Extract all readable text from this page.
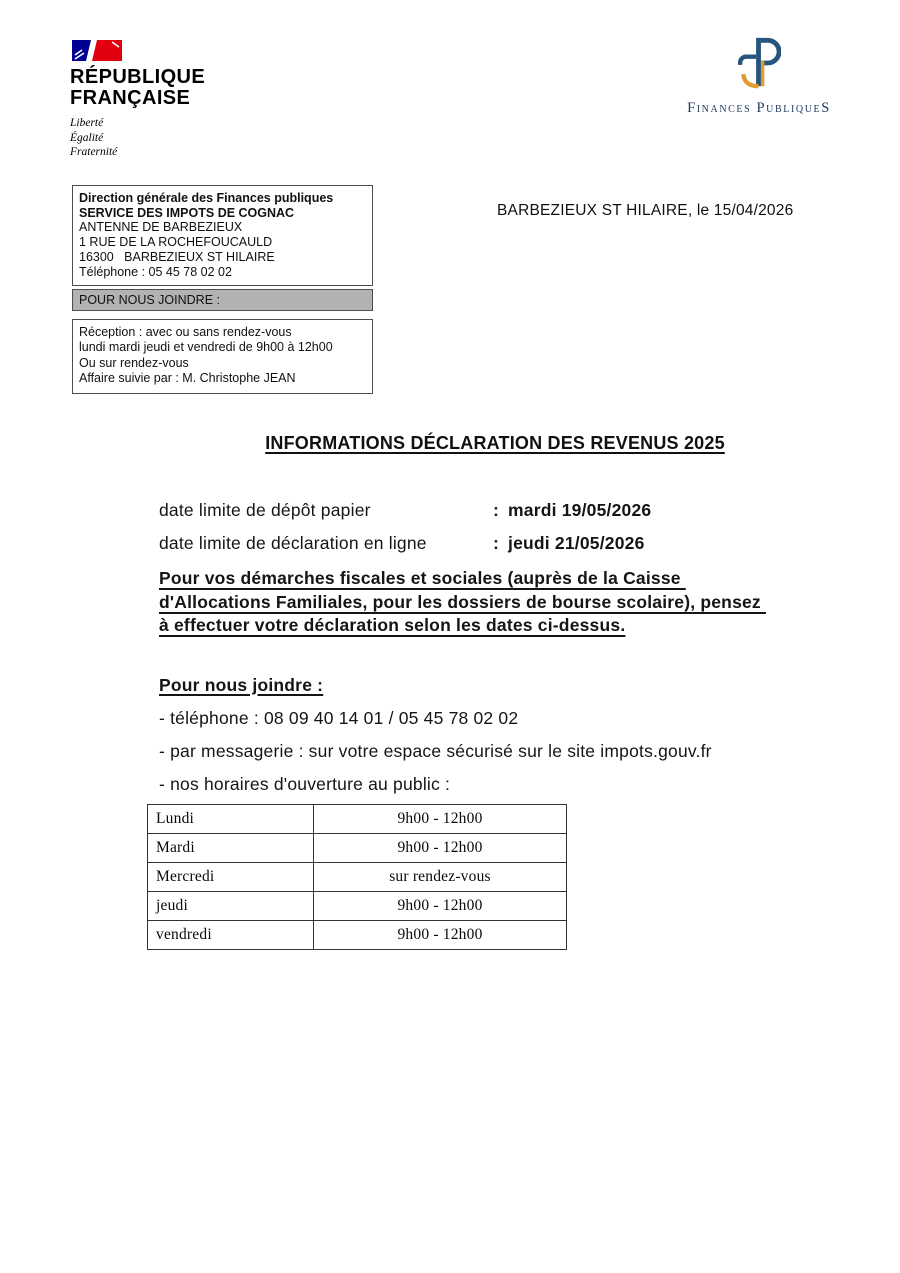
RÉPUBLIQUE
FRANÇAISE
Liberté
Égalité
Fraternité
Finances PubliqueS
Direction générale des Finances publiques
SERVICE DES IMPOTS DE COGNAC
ANTENNE DE BARBEZIEUX
1 RUE DE LA ROCHEFOUCAULD
16300   BARBEZIEUX ST HILAIRE
Téléphone : 05 45 78 02 02
POUR NOUS JOINDRE :
Réception : avec ou sans rendez-vous
lundi mardi jeudi et vendredi de 9h00 à 12h00
Ou sur rendez-vous
Affaire suivie par : M. Christophe JEAN
BARBEZIEUX ST HILAIRE, le 15/04/2026
INFORMATIONS DÉCLARATION DES REVENUS 2025
date limite de dépôt papier	: mardi 19/05/2026
date limite de déclaration en ligne	: jeudi 21/05/2026
Pour vos démarches fiscales et sociales (auprès de la Caisse
d'Allocations Familiales, pour les dossiers de bourse scolaire), pensez
à effectuer votre déclaration selon les dates ci-dessus.
Pour nous joindre :
- téléphone : 08 09 40 14 01 / 05 45 78 02 02
- par messagerie : sur votre espace sécurisé sur le site impots.gouv.fr
- nos horaires d'ouverture au public :
Lundi	9h00 - 12h00
Mardi	9h00 - 12h00
Mercredi	sur rendez-vous
jeudi	9h00 - 12h00
vendredi	9h00 - 12h00
